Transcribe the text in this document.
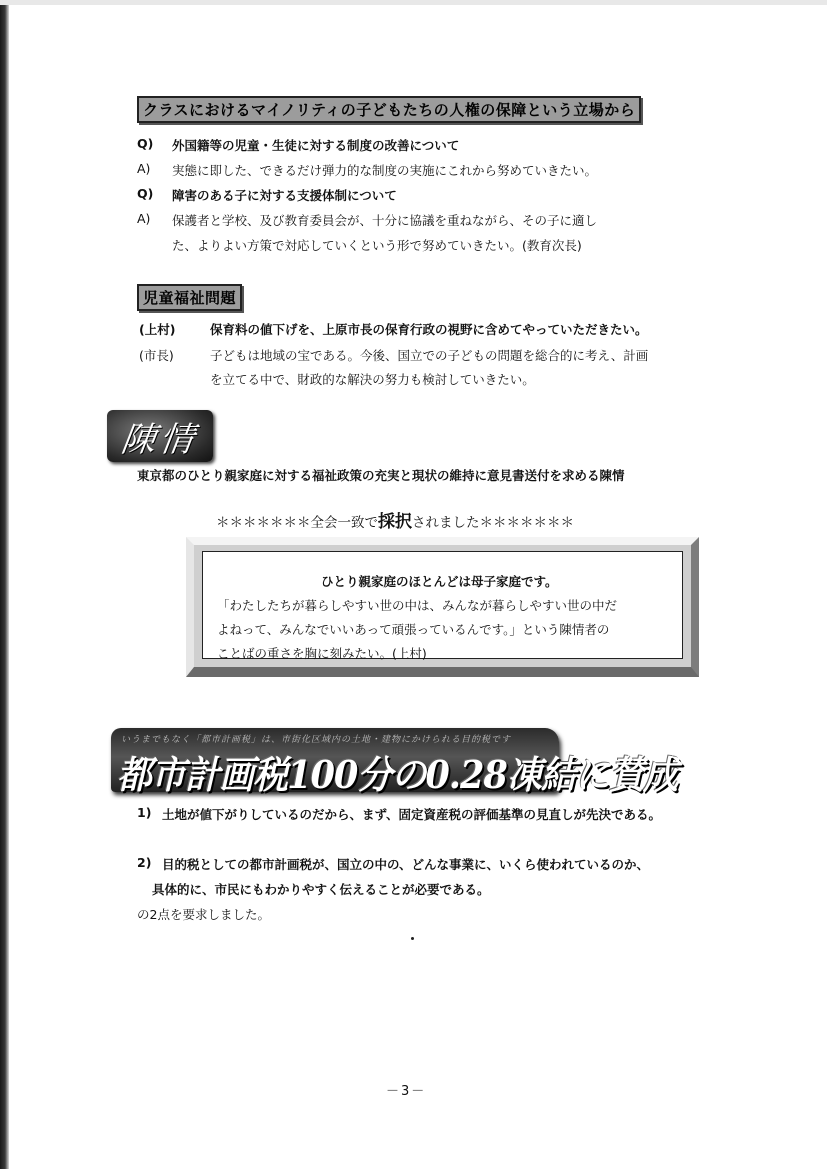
クラスにおけるマイノリティの子どもたちの人権の保障という立場から
Q) 外国籍等の児童・生徒に対する制度の改善について
A) 実態に即した、できるだけ弾力的な制度の実施にこれから努めていきたい。
Q) 障害のある子に対する支援体制について
A) 保護者と学校、及び教育委員会が、十分に協議を重ねながら、その子に適し
た、よりよい方策で対応していくという形で努めていきたい。(教育次長)
児童福祉問題
(上村)	保育料の値下げを、上原市長の保育行政の視野に含めてやっていただきたい。
(市長)	子どもは地域の宝である。今後、国立での子どもの問題を総合的に考え、計画
を立てる中で、財政的な解決の努力も検討していきたい。
陳情
東京都のひとり親家庭に対する福祉政策の充実と現状の維持に意見書送付を求める陳情
＊＊＊＊＊＊＊全会一致で採択されました＊＊＊＊＊＊＊
ひとり親家庭のほとんどは母子家庭です。
「わたしたちが暮らしやすい世の中は、みんなが暮らしやすい世の中だ
よねって、みんなでいいあって頑張っているんです。」という陳情者の
ことばの重さを胸に刻みたい。(上村)
いうまでもなく「都市計画税」は、市街化区域内の土地・建物にかけられる目的税です
都市計画税100分の0.28凍結に賛成
1) 土地が値下がりしているのだから、まず、固定資産税の評価基準の見直しが先決である。
2) 目的税としての都市計画税が、国立の中の、どんな事業に、いくら使われているのか、
具体的に、市民にもわかりやすく伝えることが必要である。
の2点を要求しました。
－3－
